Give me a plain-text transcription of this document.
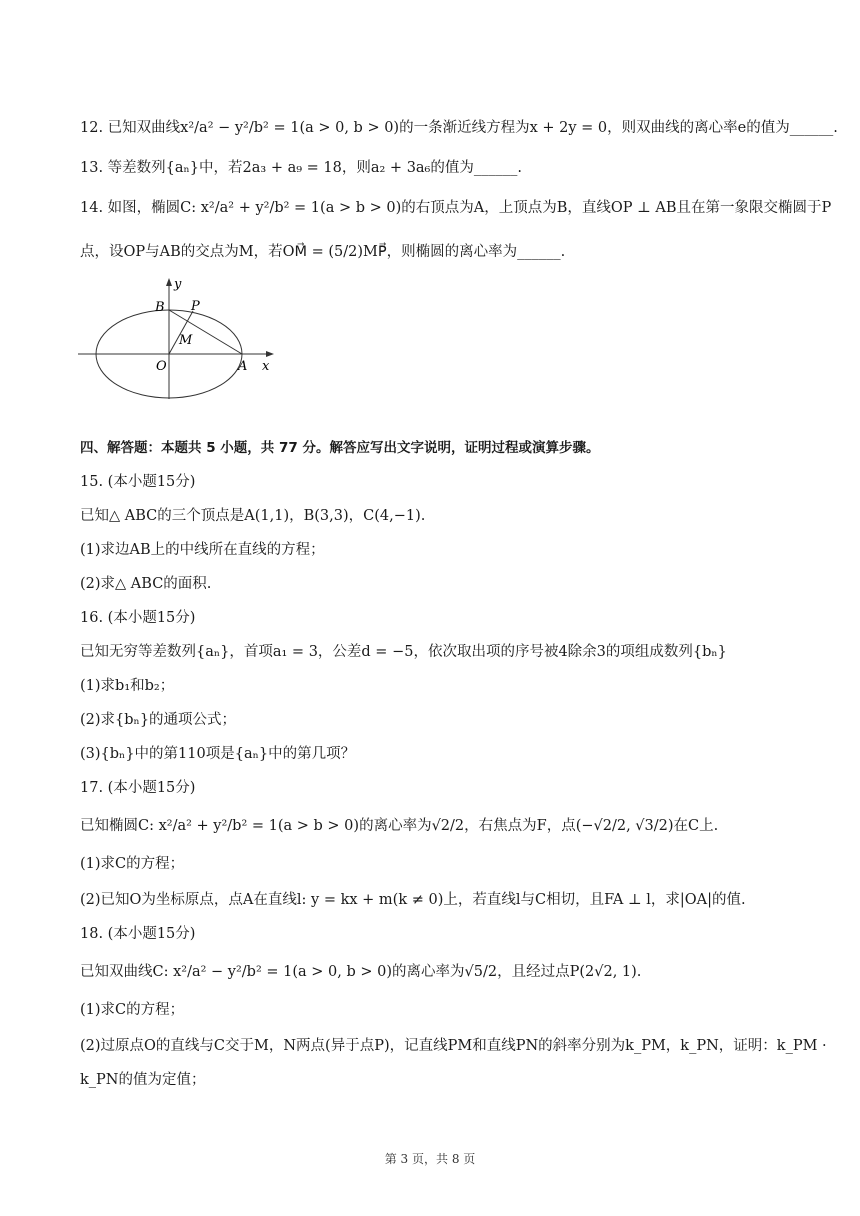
12. 已知双曲线x²/a² − y²/b² = 1(a > 0, b > 0)的一条渐近线方程为x + 2y = 0，则双曲线的离心率e的值为______.
13. 等差数列{aₙ}中，若2a₃ + a₉ = 18，则a₂ + 3a₆的值为______.
14. 如图，椭圆C: x²/a² + y²/b² = 1(a > b > 0)的右顶点为A，上顶点为B，直线OP ⊥ AB且在第一象限交椭圆于P
点，设OP与AB的交点为M，若OM⃗ = (5/2)MP⃗，则椭圆的离心率为______.
y
B P
M
O	A x
四、解答题：本题共 5 小题，共 77 分。解答应写出文字说明，证明过程或演算步骤。
15. (本小题15分)
已知△ ABC的三个顶点是A(1,1)，B(3,3)，C(4,−1).
(1)求边AB上的中线所在直线的方程；
(2)求△ ABC的面积.
16. (本小题15分)
已知无穷等差数列{aₙ}，首项a₁ = 3，公差d = −5，依次取出项的序号被4除余3的项组成数列{bₙ}
(1)求b₁和b₂；
(2)求{bₙ}的通项公式；
(3){bₙ}中的第110项是{aₙ}中的第几项？
17. (本小题15分)
已知椭圆C: x²/a² + y²/b² = 1(a > b > 0)的离心率为√2/2，右焦点为F，点(−√2/2, √3/2)在C上.
(1)求C的方程；
(2)已知O为坐标原点，点A在直线l: y = kx + m(k ≠ 0)上，若直线l与C相切，且FA ⊥ l，求|OA|的值.
18. (本小题15分)
已知双曲线C: x²/a² − y²/b² = 1(a > 0, b > 0)的离心率为√5/2，且经过点P(2√2, 1).
(1)求C的方程；
(2)过原点O的直线与C交于M，N两点(异于点P)，记直线PM和直线PN的斜率分别为k_PM，k_PN，证明：k_PM ·
k_PN的值为定值；
第 3 页，共 8 页
